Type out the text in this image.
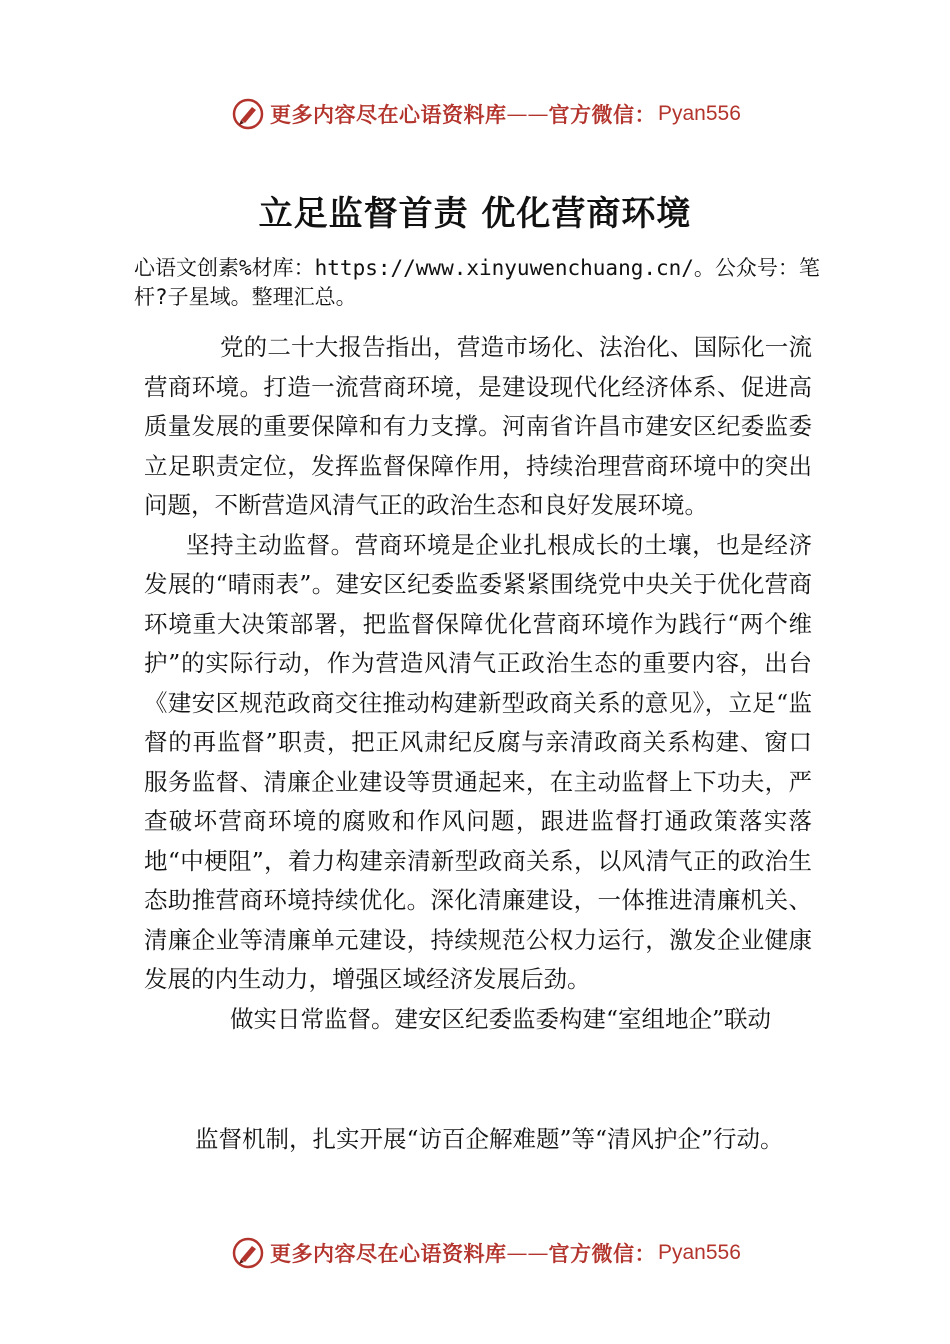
更多内容尽在心语资料库 —— 官方微信： Pyan556
立足监督首责 优化营商环境
心语文创素%材库：https://www.xinyuwenchuang.cn/。公众号：笔杆?子星域。整理汇总。

党的二十大报告指出，营造市场化、法治化、国际化一流营商环境。打造一流营商环境，是建设现代化经济体系、促进高质量发展的重要保障和有力支撑。河南省许昌市建安区纪委监委立足职责定位，发挥监督保障作用，持续治理营商环境中的突出问题，不断营造风清气正的政治生态和良好发展环境。

坚持主动监督。营商环境是企业扎根成长的土壤，也是经济发展的“晴雨表”。建安区纪委监委紧紧围绕党中央关于优化营商环境重大决策部署，把监督保障优化营商环境作为践行“两个维护”的实际行动，作为营造风清气正政治生态的重要内容，出台《建安区规范政商交往推动构建新型政商关系的意见》，立足“监督的再监督”职责，把正风肃纪反腐与亲清政商关系构建、窗口服务监督、清廉企业建设等贯通起来，在主动监督上下功夫，严查破坏营商环境的腐败和作风问题，跟进监督打通政策落实落地“中梗阻”，着力构建亲清新型政商关系，以风清气正的政治生态助推营商环境持续优化。深化清廉建设，一体推进清廉机关、清廉企业等清廉单元建设，持续规范公权力运行，激发企业健康发展的内生动力，增强区域经济发展后劲。

做实日常监督。建安区纪委监委构建“室组地企”联动

监督机制，扎实开展“访百企解难题”等“清风护企”行动。
更多内容尽在心语资料库 —— 官方微信： Pyan556
